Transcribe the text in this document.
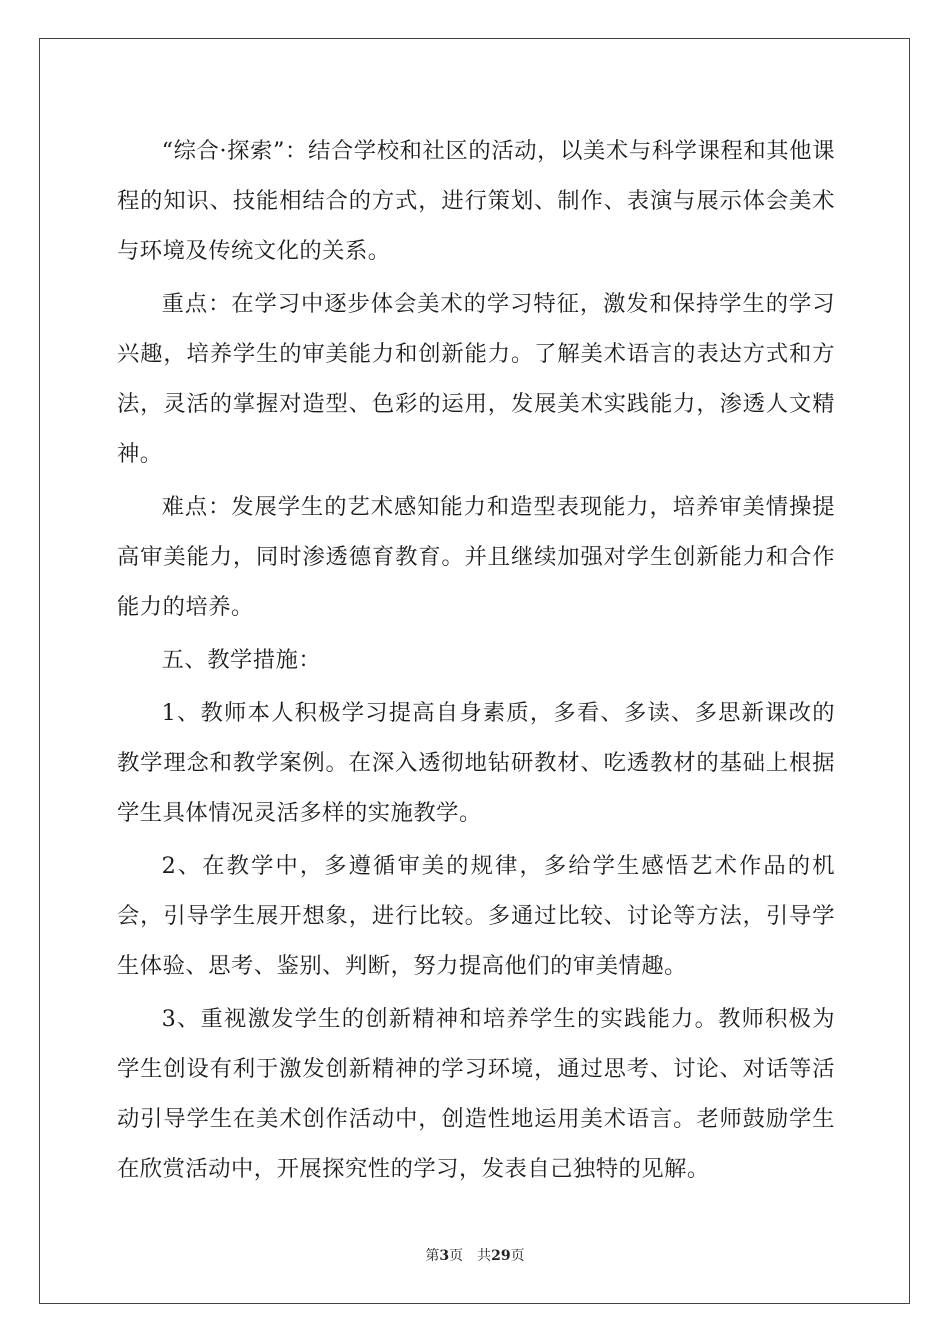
“综合·探索”：结合学校和社区的活动，以美术与科学课程和其他课程的知识、技能相结合的方式，进行策划、制作、表演与展示体会美术与环境及传统文化的关系。

重点：在学习中逐步体会美术的学习特征，激发和保持学生的学习兴趣，培养学生的审美能力和创新能力。了解美术语言的表达方式和方法，灵活的掌握对造型、色彩的运用，发展美术实践能力，渗透人文精神。

难点：发展学生的艺术感知能力和造型表现能力，培养审美情操提高审美能力，同时渗透德育教育。并且继续加强对学生创新能力和合作能力的培养。

五、教学措施：

1、教师本人积极学习提高自身素质，多看、多读、多思新课改的教学理念和教学案例。在深入透彻地钻研教材、吃透教材的基础上根据学生具体情况灵活多样的实施教学。

2、在教学中，多遵循审美的规律，多给学生感悟艺术作品的机会，引导学生展开想象，进行比较。多通过比较、讨论等方法，引导学生体验、思考、鉴别、判断，努力提高他们的审美情趣。

3、重视激发学生的创新精神和培养学生的实践能力。教师积极为学生创设有利于激发创新精神的学习环境，通过思考、讨论、对话等活动引导学生在美术创作活动中，创造性地运用美术语言。老师鼓励学生在欣赏活动中，开展探究性的学习，发表自己独特的见解。

第3页 共29页
